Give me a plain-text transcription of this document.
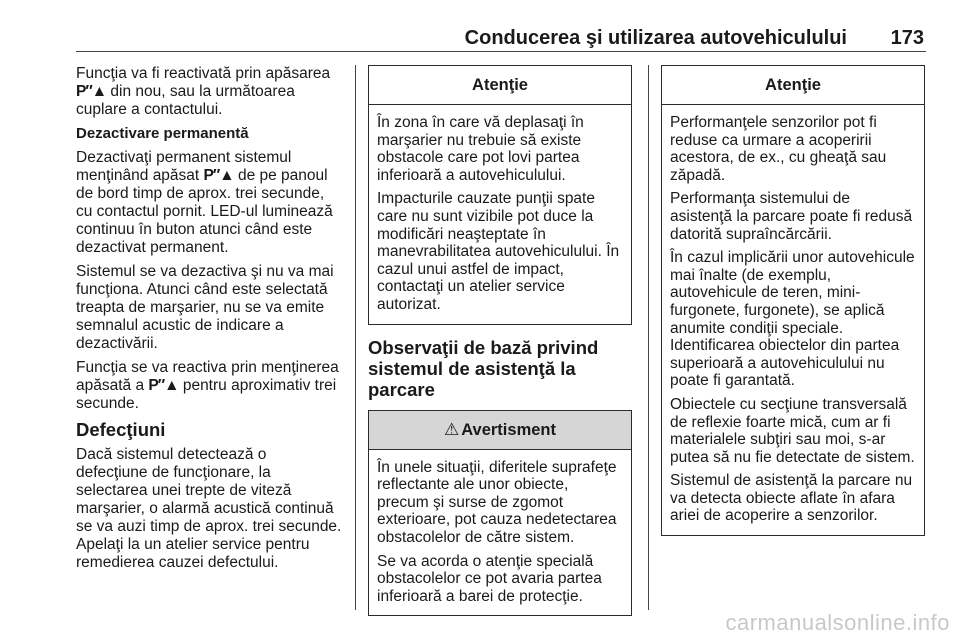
Conducerea şi utilizarea autovehiculului 173

Funcţia va fi reactivată prin apăsarea
P″▲ din nou, sau la următoarea cuplare a contactului.

Dezactivare permanentă

Dezactivaţi permanent sistemul menţinând apăsat P″▲ de pe panoul de bord timp de aprox. trei secunde, cu contactul pornit. LED-ul luminează continuu în buton atunci când este dezactivat permanent.

Sistemul se va dezactiva şi nu va mai funcţiona. Atunci când este selectată treapta de marşarier, nu se va emite semnalul acustic de indicare a dezactivării.

Funcţia se va reactiva prin menţinerea apăsată a P″▲ pentru aproximativ trei secunde.

Defecţiuni

Dacă sistemul detectează o defecţiune de funcţionare, la selectarea unei trepte de viteză marşarier, o alarmă acustică continuă se va auzi timp de aprox. trei secunde. Apelaţi la un atelier service pentru remedierea cauzei defectului.

Atenţie

În zona în care vă deplasaţi în marşarier nu trebuie să existe obstacole care pot lovi partea inferioară a autovehiculului.

Impacturile cauzate punţii spate care nu sunt vizibile pot duce la modificări neaşteptate în manevrabilitatea autovehiculului. În cazul unui astfel de impact, contactaţi un atelier service autorizat.

Observaţii de bază privind sistemul de asistenţă la parcare

⚠ Avertisment

În unele situaţii, diferitele suprafeţe reflectante ale unor obiecte, precum şi surse de zgomot exterioare, pot cauza nedetectarea obstacolelor de către sistem.

Se va acorda o atenţie specială obstacolelor ce pot avaria partea inferioară a barei de protecţie.

Atenţie

Performanţele senzorilor pot fi reduse ca urmare a acoperirii acestora, de ex., cu gheaţă sau zăpadă.

Performanţa sistemului de asistenţă la parcare poate fi redusă datorită supraîncărcării.

În cazul implicării unor autovehicule mai înalte (de exemplu, autovehicule de teren, mini-furgonete, furgonete), se aplică anumite condiţii speciale. Identificarea obiectelor din partea superioară a autovehiculului nu poate fi garantată.

Obiectele cu secţiune transversală de reflexie foarte mică, cum ar fi materialele subţiri sau moi, s-ar putea să nu fie detectate de sistem.

Sistemul de asistenţă la parcare nu va detecta obiecte aflate în afara ariei de acoperire a senzorilor.

carmanualsonline.info
